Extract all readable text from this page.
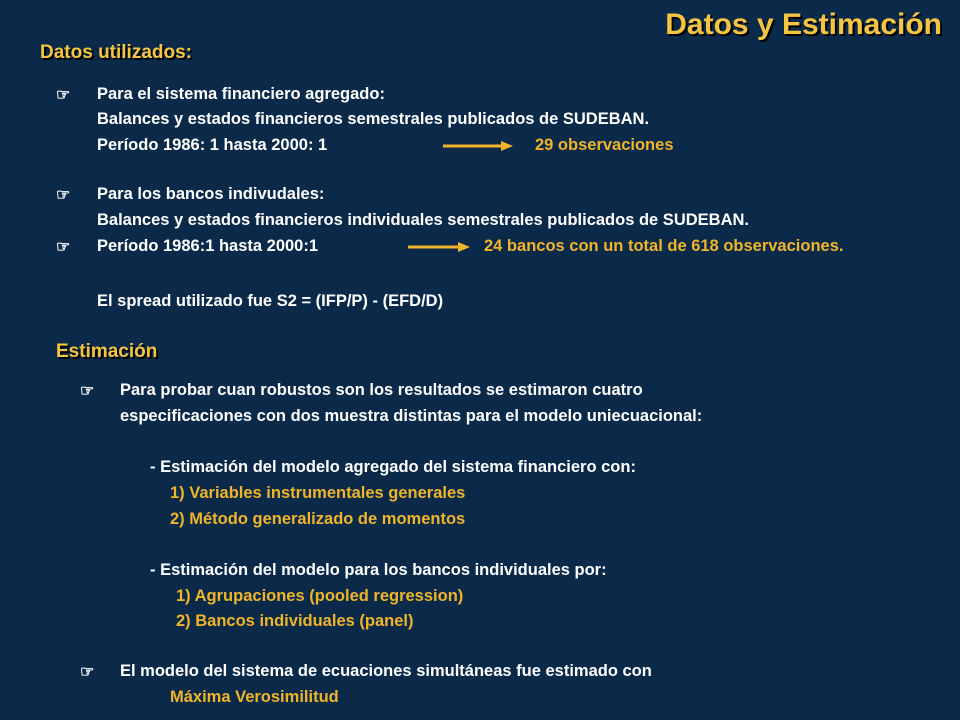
Datos y Estimación
Datos utilizados:
☞ Para el sistema financiero agregado:
Balances y estados financieros semestrales publicados de SUDEBAN.
Período 1986: 1 hasta 2000: 1	29 observaciones
☞ Para los bancos indivudales:
Balances y estados financieros individuales semestrales publicados de SUDEBAN.
☞ Período 1986:1 hasta 2000:1	24 bancos con un total de 618 observaciones.
El spread utilizado fue S2 = (IFP/P) - (EFD/D)
Estimación
☞ Para probar cuan robustos son los resultados se estimaron cuatro
especificaciones con dos muestra distintas para el modelo uniecuacional:
- Estimación del modelo agregado del sistema financiero con:
1) Variables instrumentales generales
2) Método generalizado de momentos
- Estimación del modelo para los bancos individuales por:
1) Agrupaciones (pooled regression)
2) Bancos individuales (panel)
☞ El modelo del sistema de ecuaciones simultáneas fue estimado con
Máxima Verosimilitud
